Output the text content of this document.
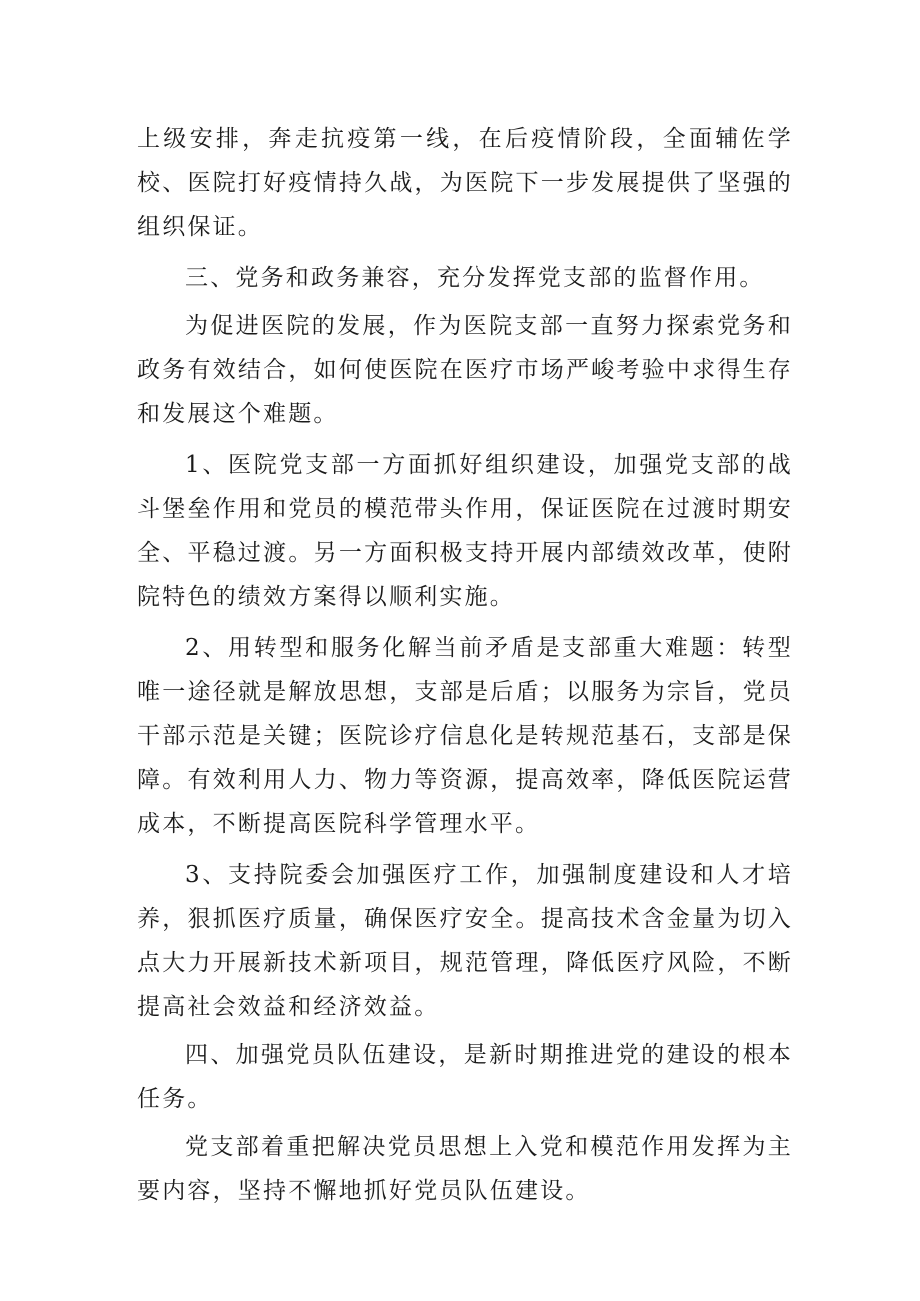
上级安排，奔走抗疫第一线，在后疫情阶段，全面辅佐学校、医院打好疫情持久战，为医院下一步发展提供了坚强的组织保证。

三、党务和政务兼容，充分发挥党支部的监督作用。

为促进医院的发展，作为医院支部一直努力探索党务和政务有效结合，如何使医院在医疗市场严峻考验中求得生存和发展这个难题。

1、医院党支部一方面抓好组织建设，加强党支部的战斗堡垒作用和党员的模范带头作用，保证医院在过渡时期安全、平稳过渡。另一方面积极支持开展内部绩效改革，使附院特色的绩效方案得以顺利实施。

2、用转型和服务化解当前矛盾是支部重大难题：转型唯一途径就是解放思想，支部是后盾；以服务为宗旨，党员干部示范是关键；医院诊疗信息化是转规范基石，支部是保障。有效利用人力、物力等资源，提高效率，降低医院运营成本，不断提高医院科学管理水平。

3、支持院委会加强医疗工作，加强制度建设和人才培养，狠抓医疗质量，确保医疗安全。提高技术含金量为切入点大力开展新技术新项目，规范管理，降低医疗风险，不断提高社会效益和经济效益。

四、加强党员队伍建设，是新时期推进党的建设的根本任务。

党支部着重把解决党员思想上入党和模范作用发挥为主要内容，坚持不懈地抓好党员队伍建设。
